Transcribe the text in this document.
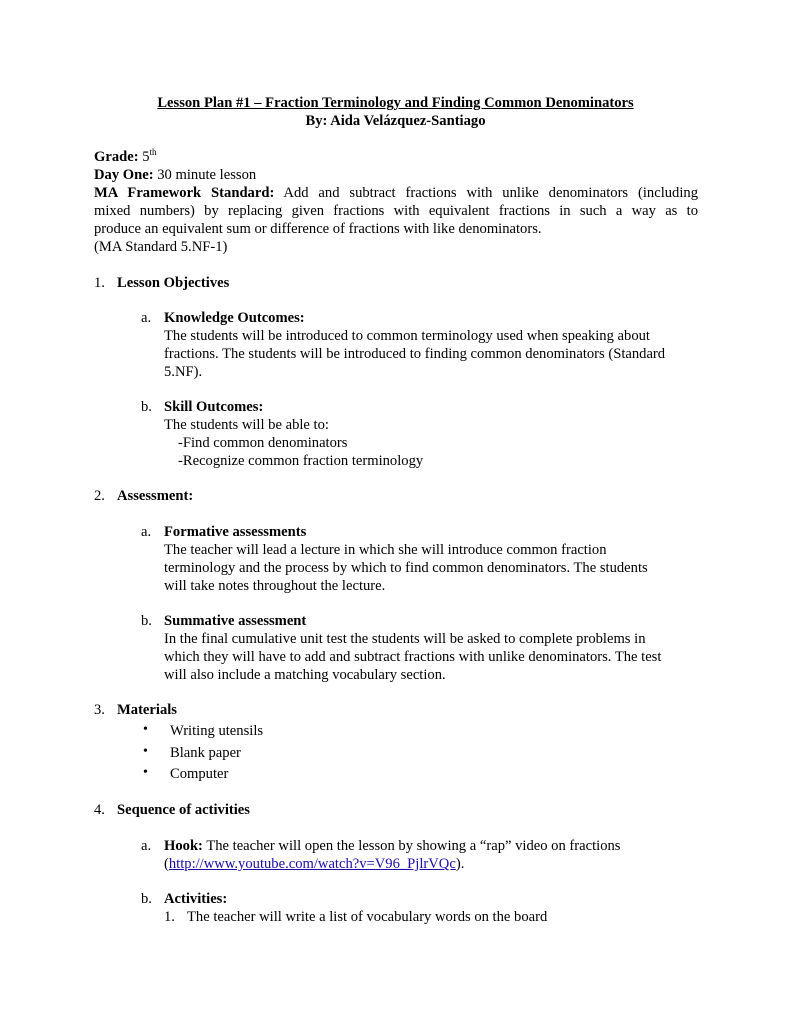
Lesson Plan #1 – Fraction Terminology and Finding Common Denominators
By: Aida Velázquez-Santiago
Grade: 5th
Day One: 30 minute lesson
MA Framework Standard: Add and subtract fractions with unlike denominators (including
mixed numbers) by replacing given fractions with equivalent fractions in such a way as to
produce an equivalent sum or difference of fractions with like denominators.
(MA Standard 5.NF-1)
1. Lesson Objectives
a. Knowledge Outcomes:
The students will be introduced to common terminology used when speaking about
fractions. The students will be introduced to finding common denominators (Standard
5.NF).
b. Skill Outcomes:
The students will be able to:
-Find common denominators
-Recognize common fraction terminology
2. Assessment:
a. Formative assessments
The teacher will lead a lecture in which she will introduce common fraction
terminology and the process by which to find common denominators. The students
will take notes throughout the lecture.
b. Summative assessment
In the final cumulative unit test the students will be asked to complete problems in
which they will have to add and subtract fractions with unlike denominators. The test
will also include a matching vocabulary section.
3. Materials
• Writing utensils
• Blank paper
• Computer
4. Sequence of activities
a. Hook: The teacher will open the lesson by showing a “rap” video on fractions
(http://www.youtube.com/watch?v=V96_PjlrVQc).
b. Activities:
1. The teacher will write a list of vocabulary words on the board
